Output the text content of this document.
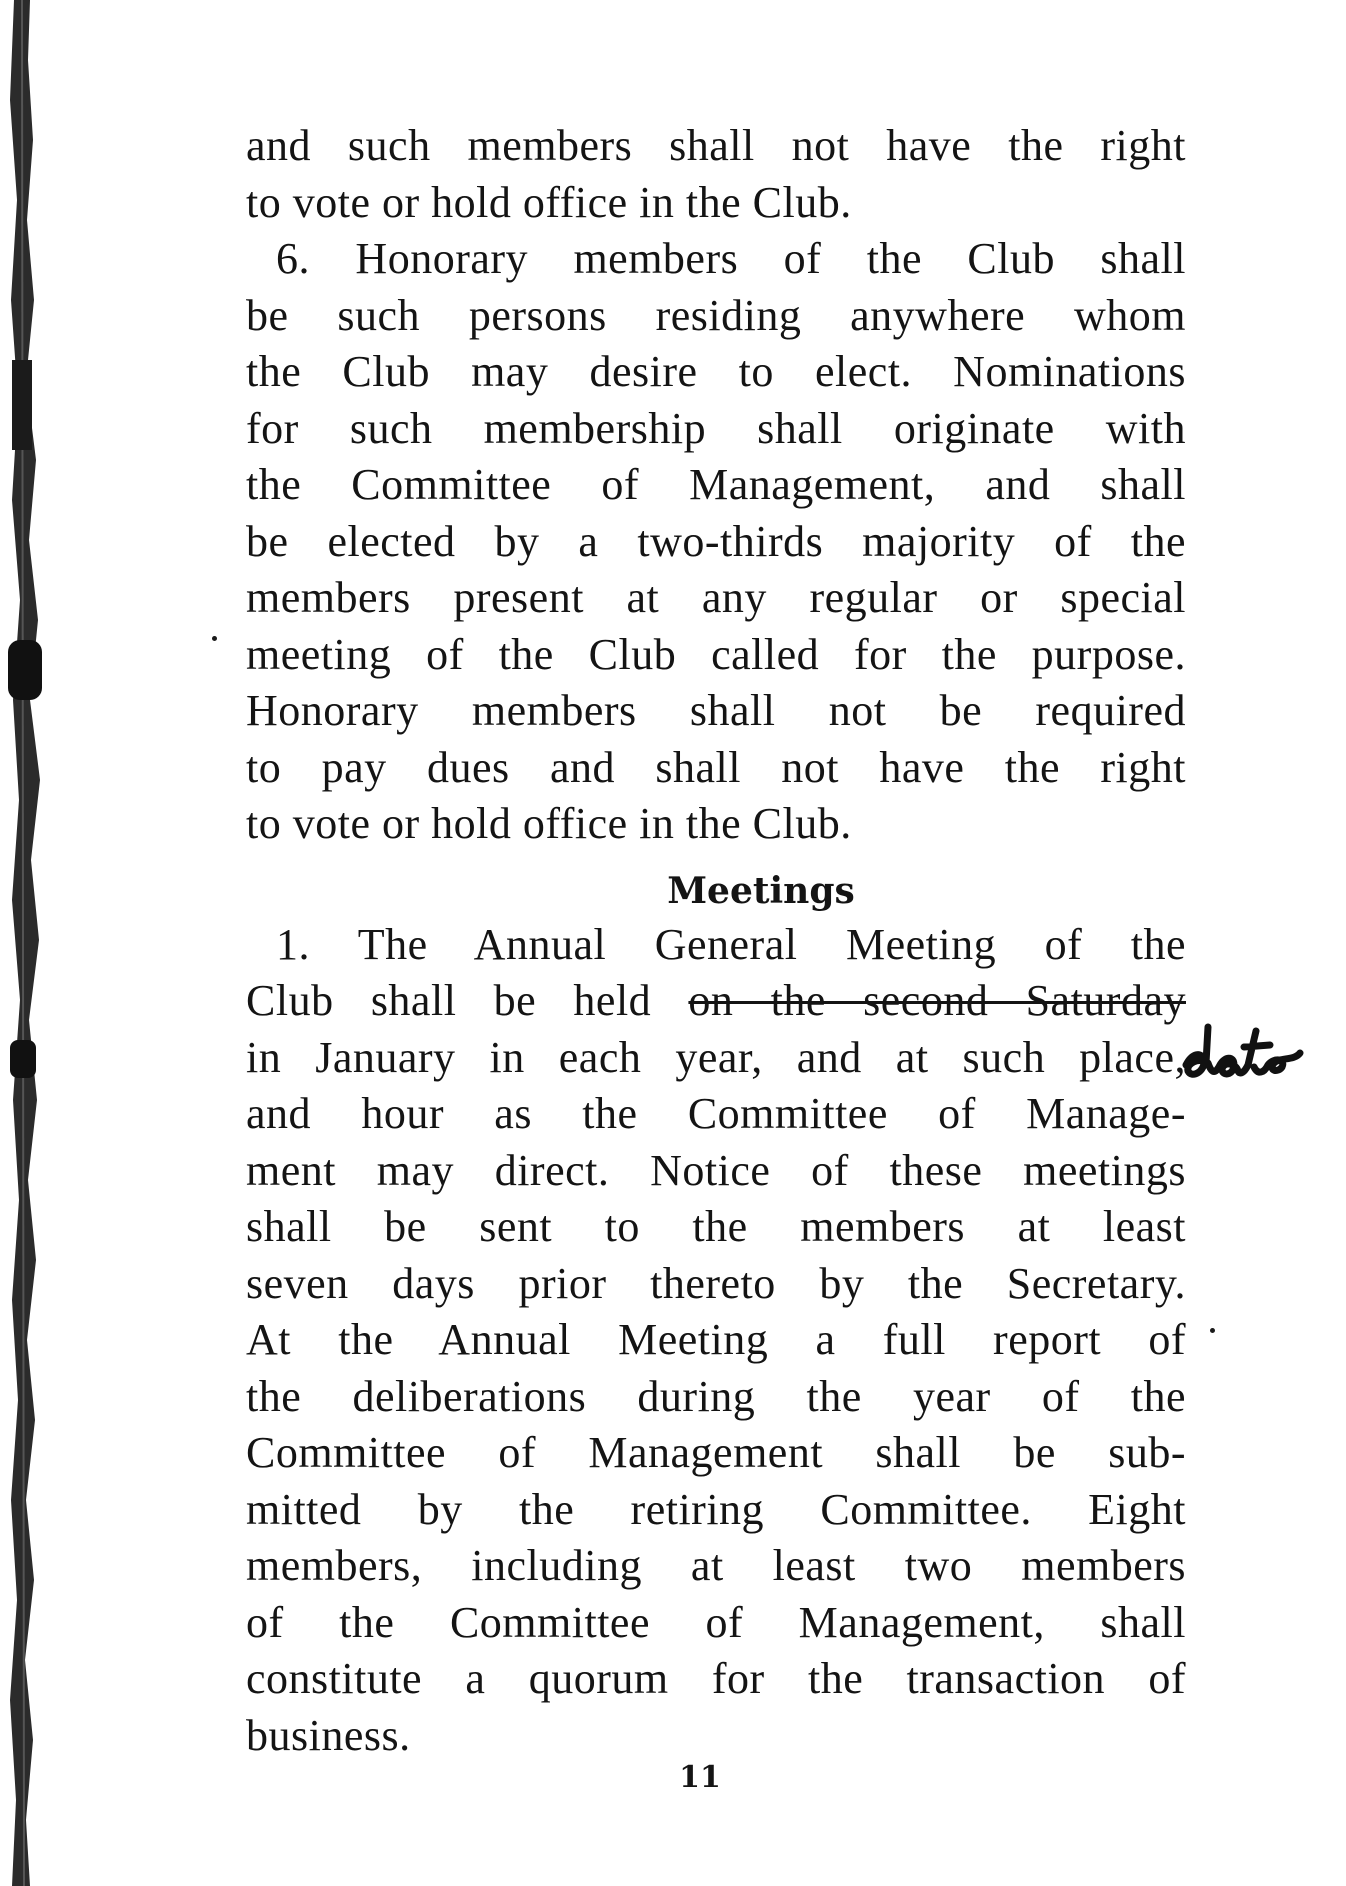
and such members shall not have the right
to vote or hold office in the Club.
6. Honorary members of the Club shall
be such persons residing anywhere whom
the Club may desire to elect. Nominations
for such membership shall originate with
the Committee of Management, and shall
be elected by a two-thirds majority of the
members present at any regular or special
meeting of the Club called for the purpose.
Honorary members shall not be required
to pay dues and shall not have the right
to vote or hold office in the Club.
Meetings
1. The Annual General Meeting of the
Club shall be held on the second Saturday
in January in each year, and at such place,
and hour as the Committee of Manage-
ment may direct. Notice of these meetings
shall be sent to the members at least
seven days prior thereto by the Secretary.
At the Annual Meeting a full report of
the deliberations during the year of the
Committee of Management shall be sub-
mitted by the retiring Committee. Eight
members, including at least two members
of the Committee of Management, shall
constitute a quorum for the transaction of
business.
11
